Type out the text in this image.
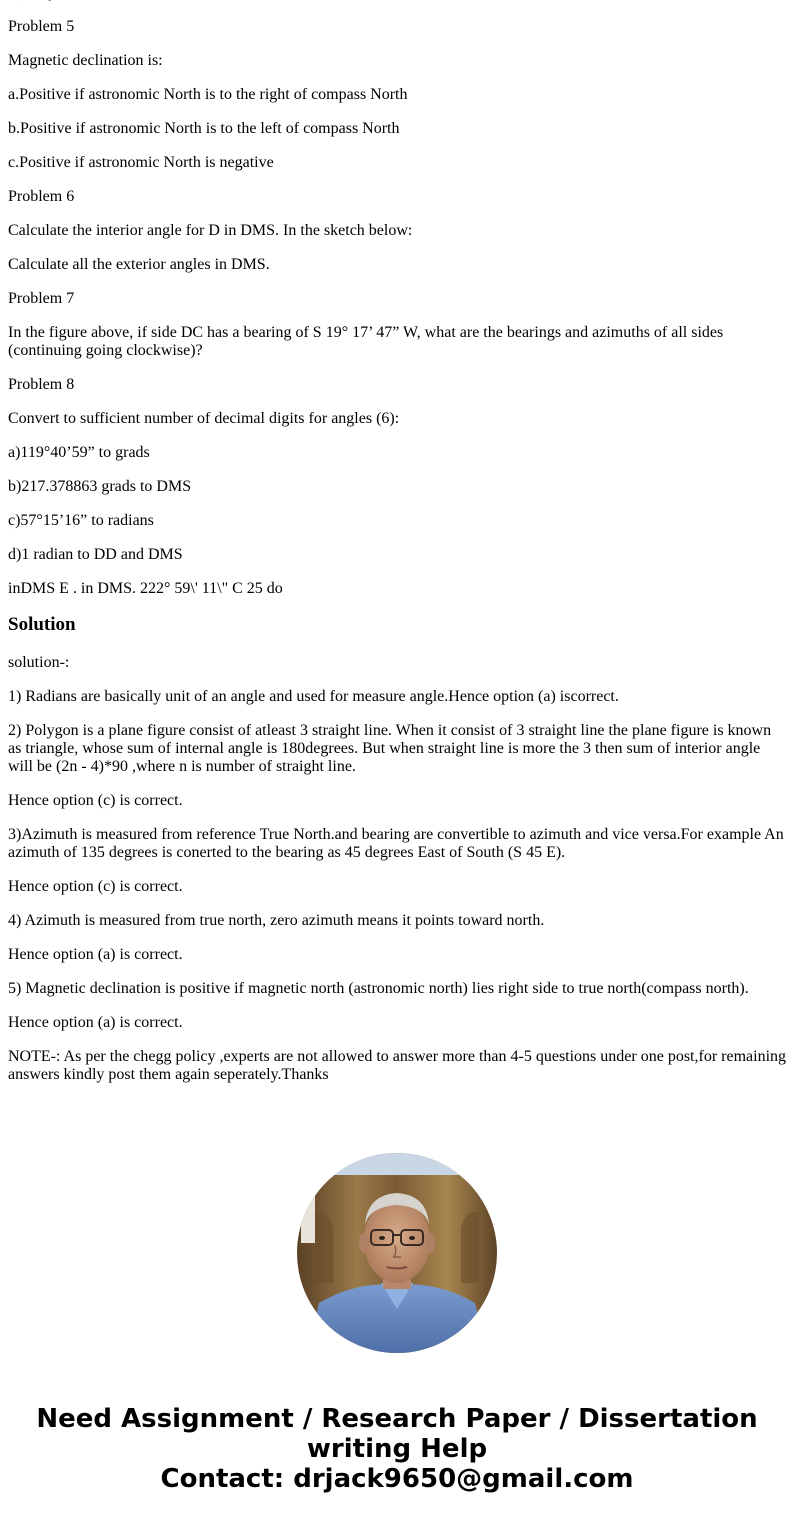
Problem 5

Magnetic declination is:

a.Positive if astronomic North is to the right of compass North

b.Positive if astronomic North is to the left of compass North

c.Positive if astronomic North is negative

Problem 6

Calculate the interior angle for D in DMS. In the sketch below:

Calculate all the exterior angles in DMS.

Problem 7

In the figure above, if side DC has a bearing of S 19° 17’ 47” W, what are the bearings and azimuths of all sides (continuing going clockwise)?

Problem 8

Convert to sufficient number of decimal digits for angles (6):

a)119°40’59” to grads

b)217.378863 grads to DMS

c)57°15’16” to radians

d)1 radian to DD and DMS

inDMS E . in DMS. 222° 59\' 11\" C 25 do

Solution

solution-:

1) Radians are basically unit of an angle and used for measure angle.Hence option (a) iscorrect.

2) Polygon is a plane figure consist of atleast 3 straight line. When it consist of 3 straight line the plane figure is known as triangle, whose sum of internal angle is 180degrees. But when straight line is more the 3 then sum of interior angle will be (2n - 4)*90 ,where n is number of straight line.

Hence option (c) is correct.

3)Azimuth is measured from reference True North.and bearing are convertible to azimuth and vice versa.For example An azimuth of 135 degrees is conerted to the bearing as 45 degrees East of South (S 45 E).

Hence option (c) is correct.

4) Azimuth is measured from true north, zero azimuth means it points toward north.

Hence option (a) is correct.

5) Magnetic declination is positive if magnetic north (astronomic north) lies right side to true north(compass north).

Hence option (a) is correct.

NOTE-: As per the chegg policy ,experts are not allowed to answer more than 4-5 questions under one post,for remaining answers kindly post them again seperately.Thanks

Need Assignment / Research Paper / Dissertation
writing Help
Contact: drjack9650@gmail.com
